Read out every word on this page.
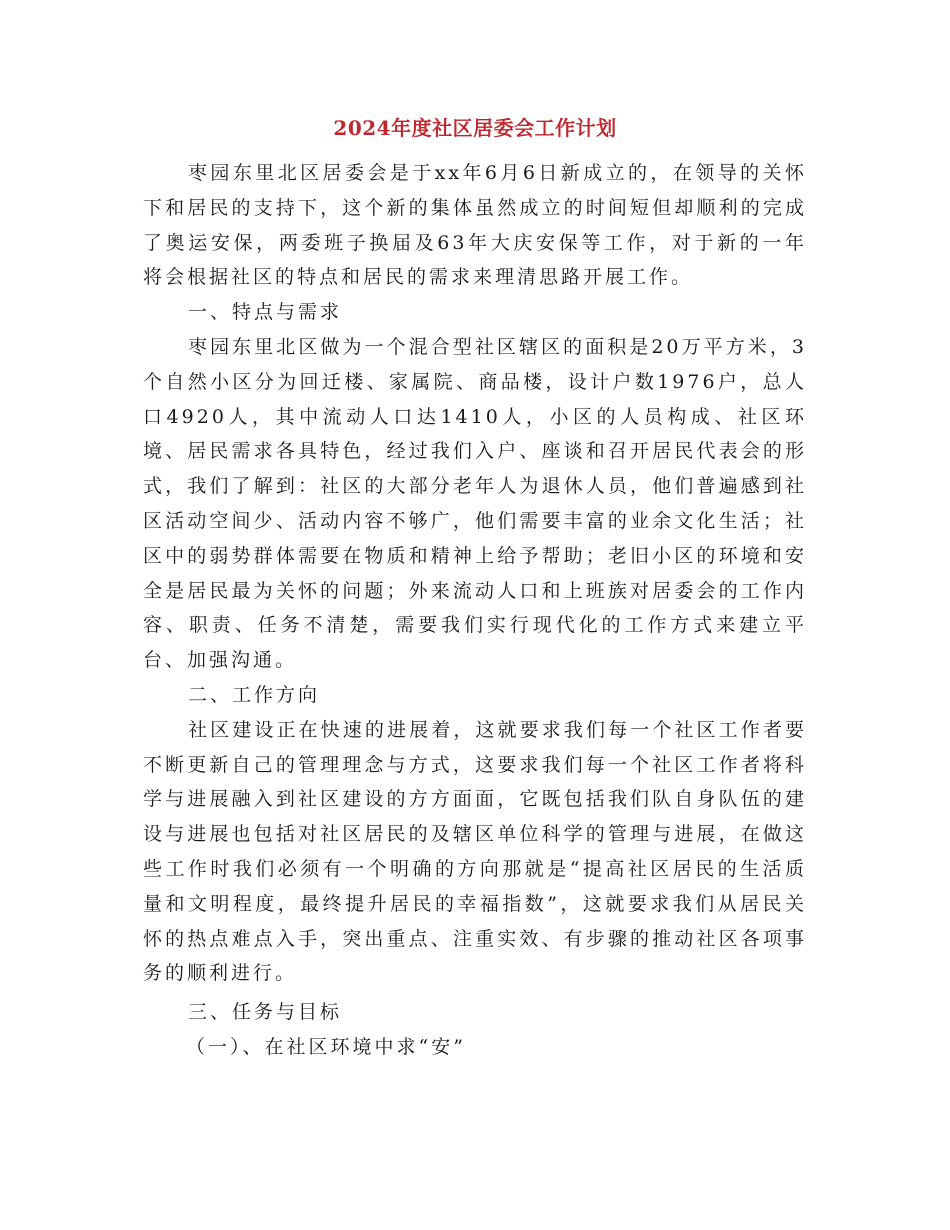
2024年度社区居委会工作计划

枣园东里北区居委会是于xx年6月6日新成立的，在领导的关怀下和居民的支持下，这个新的集体虽然成立的时间短但却顺利的完成了奥运安保，两委班子换届及63年大庆安保等工作，对于新的一年将会根据社区的特点和居民的需求来理清思路开展工作。

一、特点与需求

枣园东里北区做为一个混合型社区辖区的面积是20万平方米，3个自然小区分为回迁楼、家属院、商品楼，设计户数1976户，总人口4920人，其中流动人口达1410人，小区的人员构成、社区环境、居民需求各具特色，经过我们入户、座谈和召开居民代表会的形式，我们了解到：社区的大部分老年人为退休人员，他们普遍感到社区活动空间少、活动内容不够广，他们需要丰富的业余文化生活；社区中的弱势群体需要在物质和精神上给予帮助；老旧小区的环境和安全是居民最为关怀的问题；外来流动人口和上班族对居委会的工作内容、职责、任务不清楚，需要我们实行现代化的工作方式来建立平台、加强沟通。

二、工作方向

社区建设正在快速的进展着，这就要求我们每一个社区工作者要不断更新自己的管理理念与方式，这要求我们每一个社区工作者将科学与进展融入到社区建设的方方面面，它既包括我们队自身队伍的建设与进展也包括对社区居民的及辖区单位科学的管理与进展，在做这些工作时我们必须有一个明确的方向那就是“提高社区居民的生活质量和文明程度，最终提升居民的幸福指数”，这就要求我们从居民关怀的热点难点入手，突出重点、注重实效、有步骤的推动社区各项事务的顺利进行。

三、任务与目标

（一）、在社区环境中求“安”
